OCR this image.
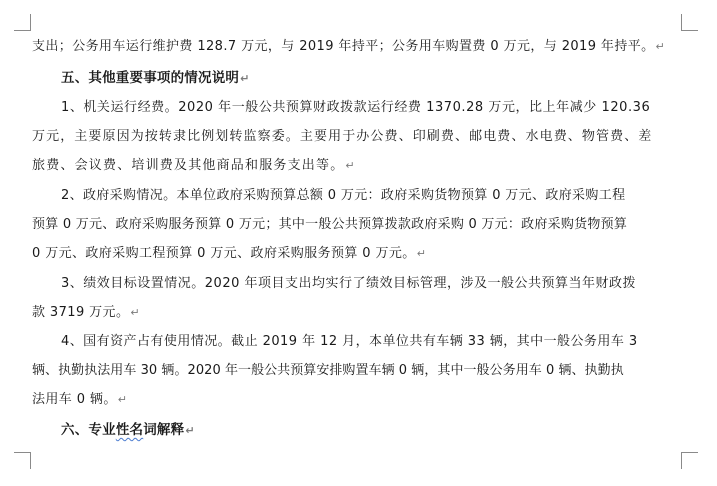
支出；公务用车运行维护费 128.7 万元，与 2019 年持平；公务用车购置费 0 万元，与 2019 年持平。↵
五、其他重要事项的情况说明↵
1、机关运行经费。2020 年一般公共预算财政拨款运行经费 1370.28 万元，比上年减少 120.36
万元，主要原因为按转隶比例划转监察委。主要用于办公费、印刷费、邮电费、水电费、物管费、差
旅费、会议费、培训费及其他商品和服务支出等。↵
2、政府采购情况。本单位政府采购预算总额 0 万元：政府采购货物预算 0 万元、政府采购工程
预算 0 万元、政府采购服务预算 0 万元；其中一般公共预算拨款政府采购 0 万元：政府采购货物预算
0 万元、政府采购工程预算 0 万元、政府采购服务预算 0 万元。↵
3、绩效目标设置情况。2020 年项目支出均实行了绩效目标管理，涉及一般公共预算当年财政拨
款 3719 万元。↵
4、国有资产占有使用情况。截止 2019 年 12 月，本单位共有车辆 33 辆，其中一般公务用车 3
辆、执勤执法用车 30 辆。2020 年一般公共预算安排购置车辆 0 辆，其中一般公务用车 0 辆、执勤执
法用车 0 辆。↵
六、专业性名词解释↵
